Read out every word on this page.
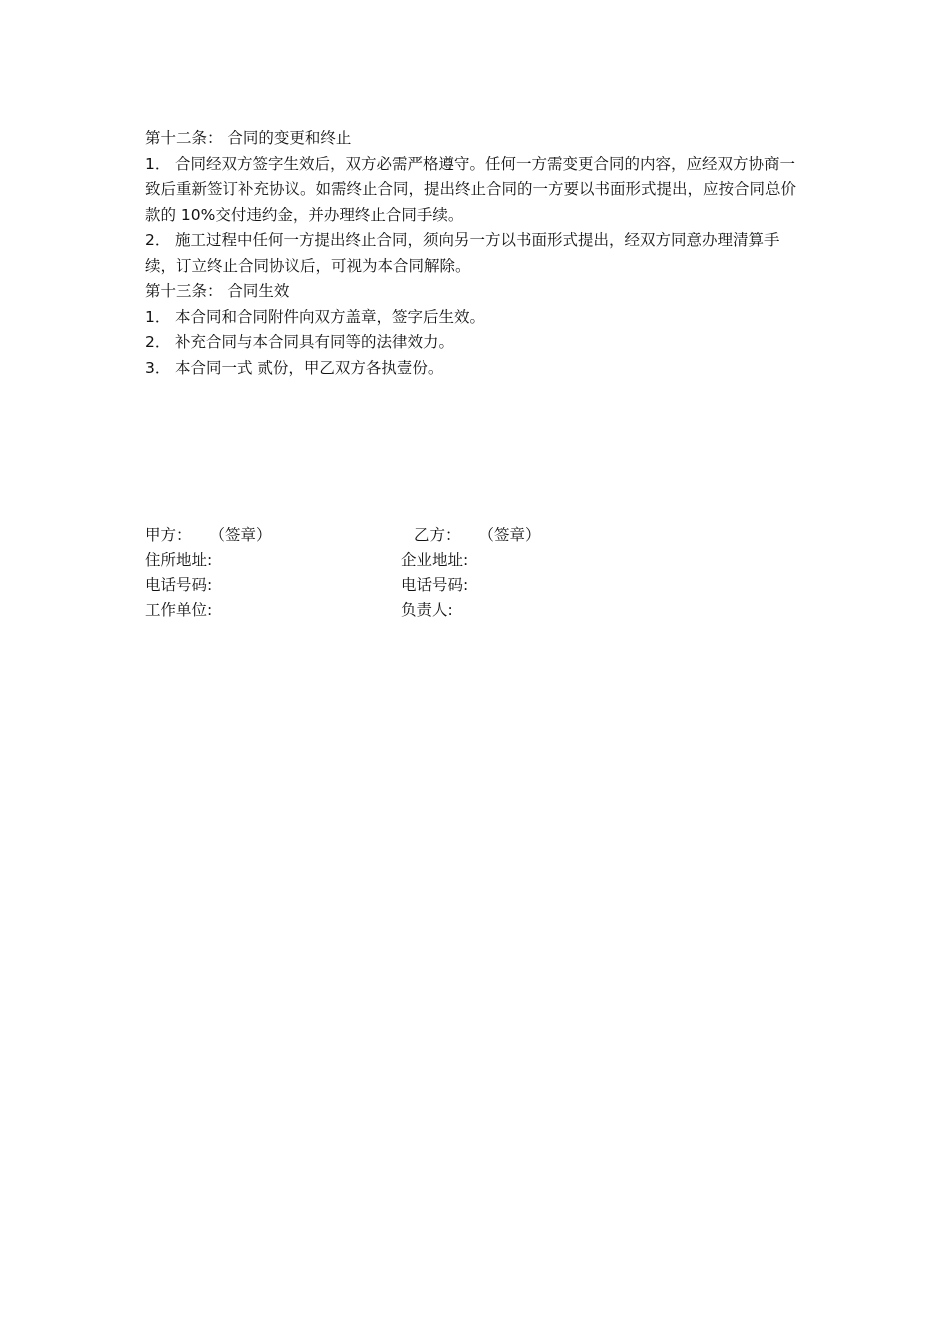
第十二条： 合同的变更和终止

1． 合同经双方签字生效后，双方必需严格遵守。任何一方需变更合同的内容，应经双方协商一致后重新签订补充协议。如需终止合同，提出终止合同的一方要以书面形式提出，应按合同总价款的 10%交付违约金，并办理终止合同手续。

2． 施工过程中任何一方提出终止合同，须向另一方以书面形式提出，经双方同意办理清算手续，订立终止合同协议后，可视为本合同解除。

第十三条： 合同生效

1． 本合同和合同附件向双方盖章，签字后生效。

2． 补充合同与本合同具有同等的法律效力。

3． 本合同一式 贰份，甲乙双方各执壹份。

甲方： （签章）	乙方： （签章）
住所地址:	企业地址:
电话号码:	电话号码:
工作单位:	负责人:
